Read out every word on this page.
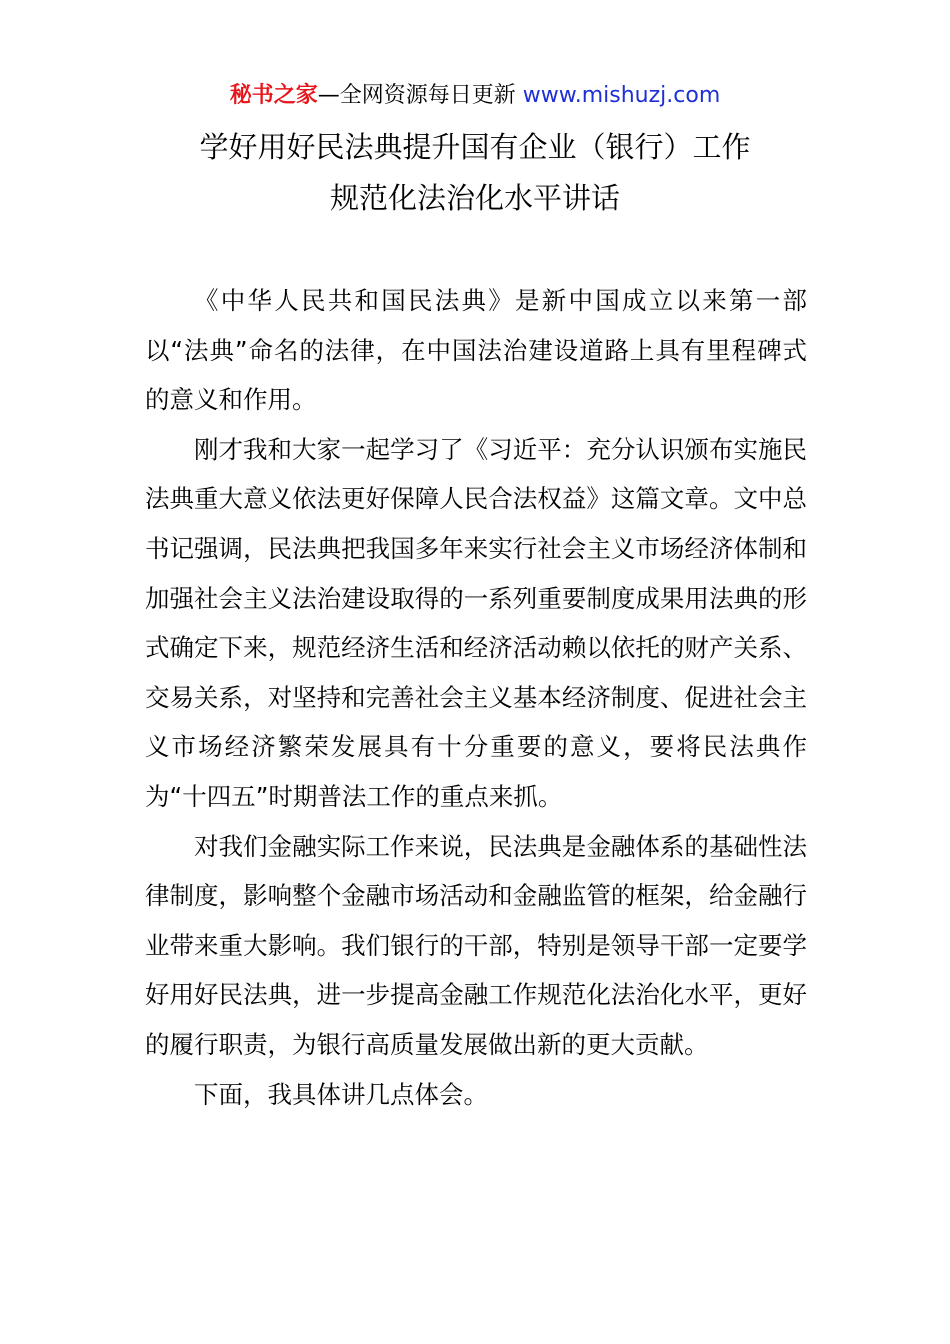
秘书之家—全网资源每日更新 www.mishuzj.com
学好用好民法典提升国有企业（银行）工作
规范化法治化水平讲话

《中华人民共和国民法典》是新中国成立以来第一部以“法典”命名的法律，在中国法治建设道路上具有里程碑式的意义和作用。

刚才我和大家一起学习了《习近平：充分认识颁布实施民法典重大意义依法更好保障人民合法权益》这篇文章。文中总书记强调，民法典把我国多年来实行社会主义市场经济体制和加强社会主义法治建设取得的一系列重要制度成果用法典的形式确定下来，规范经济生活和经济活动赖以依托的财产关系、交易关系，对坚持和完善社会主义基本经济制度、促进社会主义市场经济繁荣发展具有十分重要的意义，要将民法典作为“十四五”时期普法工作的重点来抓。

对我们金融实际工作来说，民法典是金融体系的基础性法律制度，影响整个金融市场活动和金融监管的框架，给金融行业带来重大影响。我们银行的干部，特别是领导干部一定要学好用好民法典，进一步提高金融工作规范化法治化水平，更好的履行职责，为银行高质量发展做出新的更大贡献。

下面，我具体讲几点体会。
